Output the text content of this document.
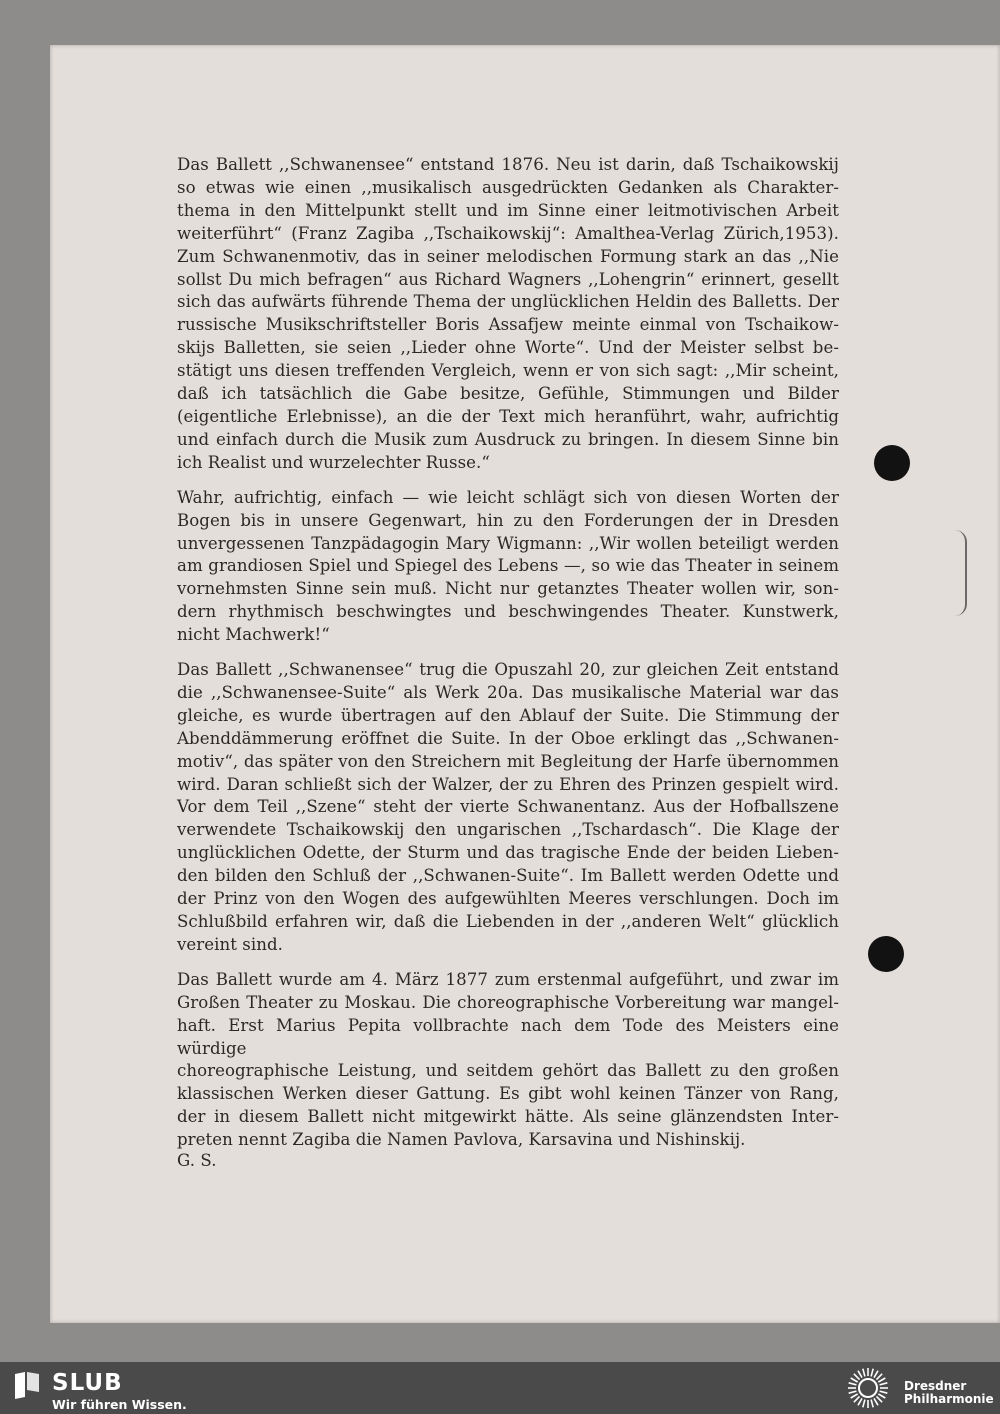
Das Ballett ,,Schwanensee“ entstand 1876. Neu ist darin, daß Tschaikowskij
so etwas wie einen ,,musikalisch ausgedrückten Gedanken als Charakter-
thema in den Mittelpunkt stellt und im Sinne einer leitmotivischen Arbeit
weiterführt“ (Franz Zagiba ,,Tschaikowskij“: Amalthea-Verlag Zürich,1953).
Zum Schwanenmotiv, das in seiner melodischen Formung stark an das ,,Nie
sollst Du mich befragen“ aus Richard Wagners ,,Lohengrin“ erinnert, gesellt
sich das aufwärts führende Thema der unglücklichen Heldin des Balletts. Der
russische Musikschriftsteller Boris Assafjew meinte einmal von Tschaikow-
skijs Balletten, sie seien ,,Lieder ohne Worte“. Und der Meister selbst be-
stätigt uns diesen treffenden Vergleich, wenn er von sich sagt: ,,Mir scheint,
daß ich tatsächlich die Gabe besitze, Gefühle, Stimmungen und Bilder
(eigentliche Erlebnisse), an die der Text mich heranführt, wahr, aufrichtig
und einfach durch die Musik zum Ausdruck zu bringen. In diesem Sinne bin
ich Realist und wurzelechter Russe.“
Wahr, aufrichtig, einfach — wie leicht schlägt sich von diesen Worten der
Bogen bis in unsere Gegenwart, hin zu den Forderungen der in Dresden
unvergessenen Tanzpädagogin Mary Wigmann: ,,Wir wollen beteiligt werden
am grandiosen Spiel und Spiegel des Lebens —, so wie das Theater in seinem
vornehmsten Sinne sein muß. Nicht nur getanztes Theater wollen wir, son-
dern rhythmisch beschwingtes und beschwingendes Theater. Kunstwerk,
nicht Machwerk!“
Das Ballett ,,Schwanensee“ trug die Opuszahl 20, zur gleichen Zeit entstand
die ,,Schwanensee-Suite“ als Werk 20a. Das musikalische Material war das
gleiche, es wurde übertragen auf den Ablauf der Suite. Die Stimmung der
Abenddämmerung eröffnet die Suite. In der Oboe erklingt das ,,Schwanen-
motiv“, das später von den Streichern mit Begleitung der Harfe übernommen
wird. Daran schließt sich der Walzer, der zu Ehren des Prinzen gespielt wird.
Vor dem Teil ,,Szene“ steht der vierte Schwanentanz. Aus der Hofballszene
verwendete Tschaikowskij den ungarischen ,,Tschardasch“. Die Klage der
unglücklichen Odette, der Sturm und das tragische Ende der beiden Lieben-
den bilden den Schluß der ,,Schwanen-Suite“. Im Ballett werden Odette und
der Prinz von den Wogen des aufgewühlten Meeres verschlungen. Doch im
Schlußbild erfahren wir, daß die Liebenden in der ,,anderen Welt“ glücklich
vereint sind.
Das Ballett wurde am 4. März 1877 zum erstenmal aufgeführt, und zwar im
Großen Theater zu Moskau. Die choreographische Vorbereitung war mangel-
haft. Erst Marius Pepita vollbrachte nach dem Tode des Meisters eine würdige
choreographische Leistung, und seitdem gehört das Ballett zu den großen
klassischen Werken dieser Gattung. Es gibt wohl keinen Tänzer von Rang,
der in diesem Ballett nicht mitgewirkt hätte. Als seine glänzendsten Inter-
preten nennt Zagiba die Namen Pavlova, Karsavina und Nishinskij.
G. S.
SLUB
Wir führen Wissen.
Dresdner
Philharmonie
